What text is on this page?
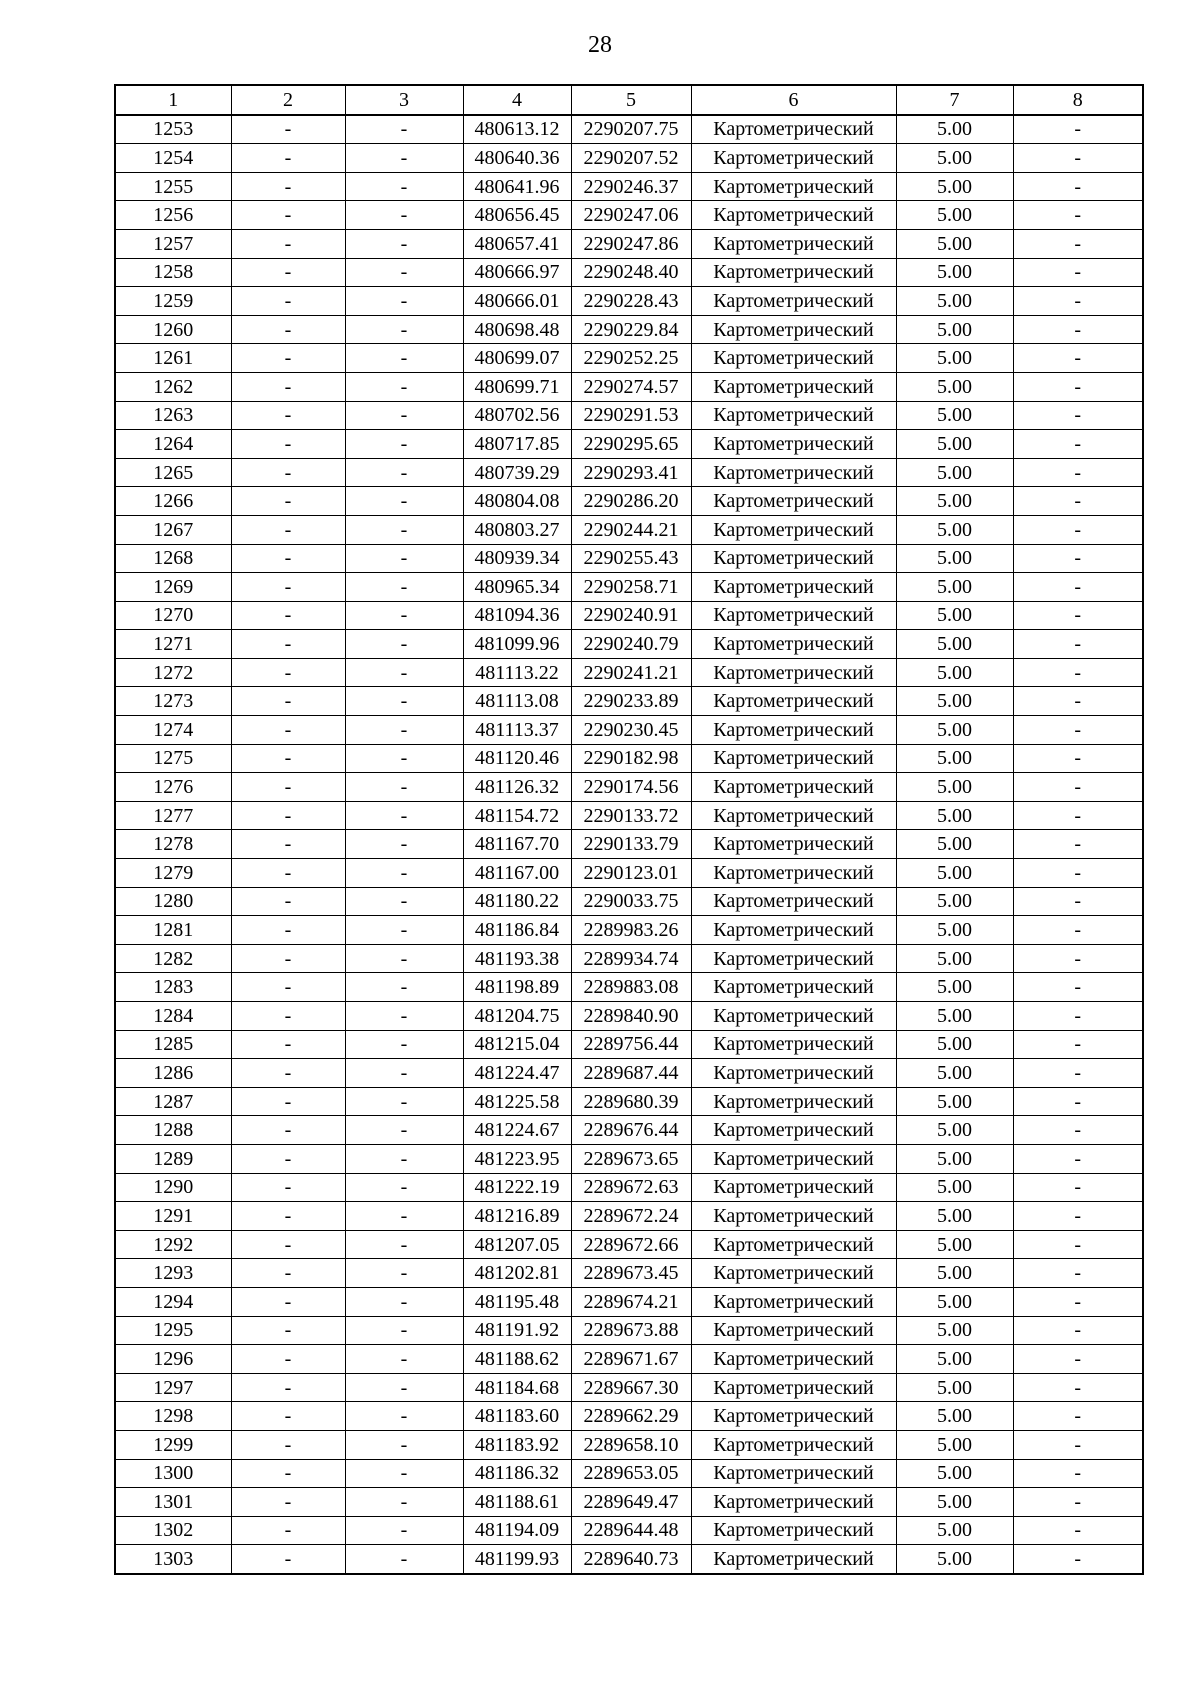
28
1	2	3	4	5	6	7	8
1253	-	-	480613.12	2290207.75	Картометрический	5.00	-
1254	-	-	480640.36	2290207.52	Картометрический	5.00	-
1255	-	-	480641.96	2290246.37	Картометрический	5.00	-
1256	-	-	480656.45	2290247.06	Картометрический	5.00	-
1257	-	-	480657.41	2290247.86	Картометрический	5.00	-
1258	-	-	480666.97	2290248.40	Картометрический	5.00	-
1259	-	-	480666.01	2290228.43	Картометрический	5.00	-
1260	-	-	480698.48	2290229.84	Картометрический	5.00	-
1261	-	-	480699.07	2290252.25	Картометрический	5.00	-
1262	-	-	480699.71	2290274.57	Картометрический	5.00	-
1263	-	-	480702.56	2290291.53	Картометрический	5.00	-
1264	-	-	480717.85	2290295.65	Картометрический	5.00	-
1265	-	-	480739.29	2290293.41	Картометрический	5.00	-
1266	-	-	480804.08	2290286.20	Картометрический	5.00	-
1267	-	-	480803.27	2290244.21	Картометрический	5.00	-
1268	-	-	480939.34	2290255.43	Картометрический	5.00	-
1269	-	-	480965.34	2290258.71	Картометрический	5.00	-
1270	-	-	481094.36	2290240.91	Картометрический	5.00	-
1271	-	-	481099.96	2290240.79	Картометрический	5.00	-
1272	-	-	481113.22	2290241.21	Картометрический	5.00	-
1273	-	-	481113.08	2290233.89	Картометрический	5.00	-
1274	-	-	481113.37	2290230.45	Картометрический	5.00	-
1275	-	-	481120.46	2290182.98	Картометрический	5.00	-
1276	-	-	481126.32	2290174.56	Картометрический	5.00	-
1277	-	-	481154.72	2290133.72	Картометрический	5.00	-
1278	-	-	481167.70	2290133.79	Картометрический	5.00	-
1279	-	-	481167.00	2290123.01	Картометрический	5.00	-
1280	-	-	481180.22	2290033.75	Картометрический	5.00	-
1281	-	-	481186.84	2289983.26	Картометрический	5.00	-
1282	-	-	481193.38	2289934.74	Картометрический	5.00	-
1283	-	-	481198.89	2289883.08	Картометрический	5.00	-
1284	-	-	481204.75	2289840.90	Картометрический	5.00	-
1285	-	-	481215.04	2289756.44	Картометрический	5.00	-
1286	-	-	481224.47	2289687.44	Картометрический	5.00	-
1287	-	-	481225.58	2289680.39	Картометрический	5.00	-
1288	-	-	481224.67	2289676.44	Картометрический	5.00	-
1289	-	-	481223.95	2289673.65	Картометрический	5.00	-
1290	-	-	481222.19	2289672.63	Картометрический	5.00	-
1291	-	-	481216.89	2289672.24	Картометрический	5.00	-
1292	-	-	481207.05	2289672.66	Картометрический	5.00	-
1293	-	-	481202.81	2289673.45	Картометрический	5.00	-
1294	-	-	481195.48	2289674.21	Картометрический	5.00	-
1295	-	-	481191.92	2289673.88	Картометрический	5.00	-
1296	-	-	481188.62	2289671.67	Картометрический	5.00	-
1297	-	-	481184.68	2289667.30	Картометрический	5.00	-
1298	-	-	481183.60	2289662.29	Картометрический	5.00	-
1299	-	-	481183.92	2289658.10	Картометрический	5.00	-
1300	-	-	481186.32	2289653.05	Картометрический	5.00	-
1301	-	-	481188.61	2289649.47	Картометрический	5.00	-
1302	-	-	481194.09	2289644.48	Картометрический	5.00	-
1303	-	-	481199.93	2289640.73	Картометрический	5.00	-
